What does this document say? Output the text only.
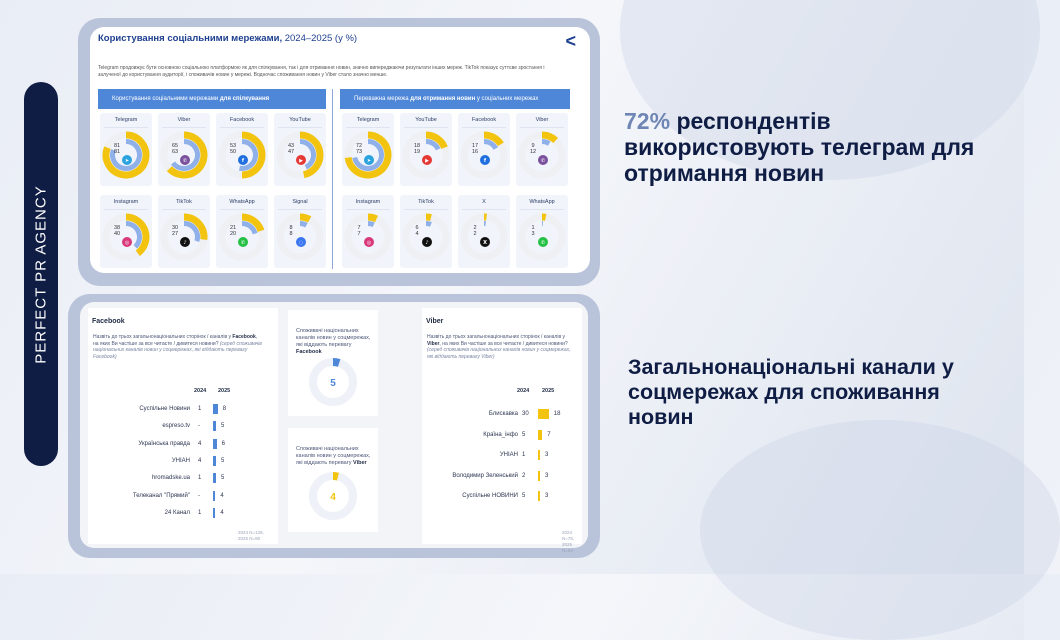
PERFECT PR AGENCY
Користування соціальними мережами, 2024–2025 (у %)	<
Telegram продовжує бути основною соціальною платформою як для спілкування, так і для отримання новин, значно випереджаючи результати інших мереж. TikTok показує суттєве зростання і залученої до користування аудиторії, і споживачів новин у мережі. Водночас споживання новин у Viber стало значно менше.
Користування соціальними мережами для спілкування	Переважна мережа для отримання новин у соціальних мережах
Telegram
81
81
➤
Viber
65
63
✆
Facebook
53
50
f
YouTube
43
47
▶
Instagram
38
40
◎
TikTok
30
27
♪
WhatsApp
21
20
✆
Signal
8
8
◌
Telegram
72
73
➤
YouTube
18
19
▶
Facebook
17
16
f
Viber
9
12
✆
Instagram
7
7
◎
TikTok
6
4
♪
X
2
2
X
WhatsApp
1
3
✆
Facebook
Назвіть до трьох загальнонаціональних сторінок / каналів у Facebook, на яких Ви частіше за все читаєте / дивитеся новини? (серед споживачів національних каналів новин у соцмережах, які віддають перевагу Facebook)
2024 2025
Суспільне Новини 1	8
espreso.tv -	5
Українська правда 4	6
УНІАН 4	5
hromadske.ua 1	5
Телеканал "Прямий" -	4
24 Канал 1	4
2024 N=128,
2025 N=90
Споживачі національних каналів новин у соцмережах, які віддають перевагу Facebook
5
Споживачі національних каналів новин у соцмережах, які віддають перевагу Viber
4
Viber
Назвіть до трьох загальнонаціональних сторінок / каналів у Viber, на яких Ви частіше за все читаєте / дивитеся новини? (серед споживачів національних каналів новин у соцмережах, які віддають перевагу Viber)
2024 2025
Блискавка 30	18
Країна_інфо 5	7
УНІАН 1	3
Володимир Зеленський 2	3
Суспільне НОВИНИ 5	3
2024 N=75,
2025 N=54
72% респондентів використовують телеграм для отримання новин
Загальнонаціональні канали у соцмережах для споживання новин
